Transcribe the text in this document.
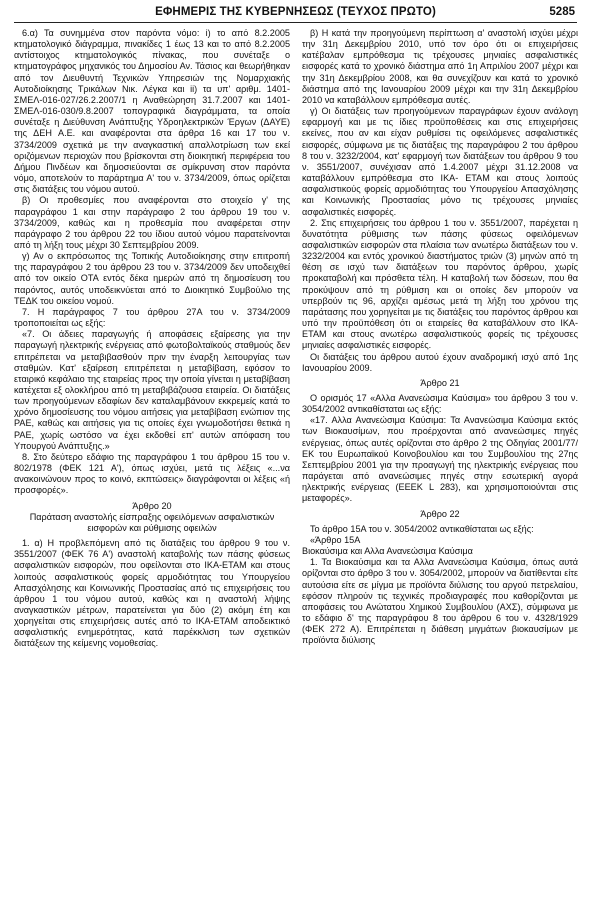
ΕΦΗΜΕΡΙΣ ΤΗΣ ΚΥΒΕΡΝΗΣΕΩΣ (ΤΕΥΧΟΣ ΠΡΩΤΟ)	5285

6.α) Τα συνημμένα στον παρόντα νόμο: i) το από 8.2.2005 κτηματολογικό διάγραμμα, πινακίδες 1 έως 13 και το από 8.2.2005 αντίστοιχος κτηματολογικός πίνακας, που συνέταξε ο κτηματογράφος μηχανικός του Δημοσίου Αν. Τάσιος και θεωρήθηκαν από τον Διευθυντή Τεχνικών Υπηρεσιών της Νομαρχιακής Αυτοδιοίκησης Τρικάλων Νικ. Λέγκα και ii) τα υπ' αριθμ. 1401-ΣΜΕΛ-016-027/26.2.2007/1 η Αναθεώρηση 31.7.2007 και 1401-ΣΜΕΛ-016-030/9.8.2007 τοπογραφικά διαγράμματα, τα οποία συνέταξε η Διεύθυνση Ανάπτυξης Υδροηλεκτρικών Έργων (ΔΑΥΕ) της ΔΕΗ Α.Ε. και αναφέρονται στα άρθρα 16 και 17 του ν. 3734/2009 σχετικά με την αναγκαστική απαλλοτρίωση των εκεί οριζόμενων περιοχών που βρίσκονται στη διοικητική περιφέρεια του Δήμου Πινδέων και δημοσιεύονται σε σμίκρυνση στον παρόντα νόμο, αποτελούν το παράρτημα Α' του ν. 3734/2009, όπως ορίζεται στις διατάξεις του νόμου αυτού.

β) Οι προθεσμίες που αναφέρονται στο στοιχείο γ' της παραγράφου 1 και στην παράγραφο 2 του άρθρου 19 του ν. 3734/2009, καθώς και η προθεσμία που αναφέρεται στην παράγραφο 2 του άρθρου 22 του ίδιου αυτού νόμου παρατείνονται από τη λήξη τους μέχρι 30 Σεπτεμβρίου 2009.

γ) Αν ο εκπρόσωπος της Τοπικής Αυτοδιοίκησης στην επιτροπή της παραγράφου 2 του άρθρου 23 του ν. 3734/2009 δεν υποδειχθεί από τον οικείο ΟΤΑ εντός δέκα ημερών από τη δημοσίευση του παρόντος, αυτός υποδεικνύεται από το Διοικητικό Συμβούλιο της ΤΕΔΚ του οικείου νομού.

7. Η παράγραφος 7 του άρθρου 27Α του ν. 3734/2009 τροποποιείται ως εξής:

«7. Οι άδειες παραγωγής ή αποφάσεις εξαίρεσης για την παραγωγή ηλεκτρικής ενέργειας από φωτοβολταϊκούς σταθμούς δεν επιτρέπεται να μεταβιβασθούν πριν την έναρξη λειτουργίας των σταθμών. Κατ' εξαίρεση επιτρέπεται η μεταβίβαση, εφόσον το εταιρικό κεφάλαιο της εταιρείας προς την οποία γίνεται η μεταβίβαση κατέχεται εξ ολοκλήρου από τη μεταβιβάζουσα εταιρεία. Οι διατάξεις των προηγούμενων εδαφίων δεν καταλαμβάνουν εκκρεμείς κατά το χρόνο δημοσίευσης του νόμου αιτήσεις για μεταβίβαση ενώπιον της ΡΑΕ, καθώς και αιτήσεις για τις οποίες έχει γνωμοδοτήσει θετικά η ΡΑΕ, χωρίς ωστόσο να έχει εκδοθεί επ' αυτών απόφαση του Υπουργού Ανάπτυξης.»

8. Στο δεύτερο εδάφιο της παραγράφου 1 του άρθρου 15 του ν. 802/1978 (ΦΕΚ 121 Α'), όπως ισχύει, μετά τις λέξεις «...να ανακοινώνουν προς το κοινό, εκπτώσεις» διαγράφονται οι λέξεις «ή προσφορές».

Άρθρο 20

Παράταση αναστολής είσπραξης οφειλόμενων ασφαλιστικών εισφορών και ρύθμισης οφειλών

1. α) Η προβλεπόμενη από τις διατάξεις του άρθρου 9 του ν. 3551/2007 (ΦΕΚ 76 Α') αναστολή καταβολής των πάσης φύσεως ασφαλιστικών εισφορών, που οφείλονται στο ΙΚΑ-ΕΤΑΜ και στους λοιπούς ασφαλιστικούς φορείς αρμοδιότητας του Υπουργείου Απασχόλησης και Κοινωνικής Προστασίας από τις επιχειρήσεις του άρθρου 1 του νόμου αυτού, καθώς και η αναστολή λήψης αναγκαστικών μέτρων, παρατείνεται για δύο (2) ακόμη έτη και χορηγείται στις επιχειρήσεις αυτές από το ΙΚΑ-ΕΤΑΜ αποδεικτικό ασφαλιστικής ενημερότητας, κατά παρέκκλιση των σχετικών διατάξεων της κείμενης νομοθεσίας.

β) Η κατά την προηγούμενη περίπτωση α' αναστολή ισχύει μέχρι την 31η Δεκεμβρίου 2010, υπό τον όρο ότι οι επιχειρήσεις κατέβαλαν εμπρόθεσμα τις τρέχουσες μηνιαίες ασφαλιστικές εισφορές κατά το χρονικό διάστημα από 1η Απριλίου 2007 μέχρι και την 31η Δεκεμβρίου 2008, και θα συνεχίζουν και κατά το χρονικό διάστημα από της Ιανουαρίου 2009 μέχρι και την 31η Δεκεμβρίου 2010 να καταβάλλουν εμπρόθεσμα αυτές.

γ) Οι διατάξεις των προηγούμενων παραγράφων έχουν ανάλογη εφαρμογή και με τις ίδιες προϋποθέσεις και στις επιχειρήσεις εκείνες, που αν και είχαν ρυθμίσει τις οφειλόμενες ασφαλιστικές εισφορές, σύμφωνα με τις διατάξεις της παραγράφου 2 του άρθρου 8 του ν. 3232/2004, κατ' εφαρμογή των διατάξεων του άρθρου 9 του ν. 3551/2007, συνέχισαν από 1.4.2007 μέχρι 31.12.2008 να καταβάλλουν εμπρόθεσμα στο ΙΚΑ- ΕΤΑΜ και στους λοιπούς ασφαλιστικούς φορείς αρμοδιότητας του Υπουργείου Απασχόλησης και Κοινωνικής Προστασίας μόνο τις τρέχουσες μηνιαίες ασφαλιστικές εισφορές.

2. Στις επιχειρήσεις του άρθρου 1 του ν. 3551/2007, παρέχεται η δυνατότητα ρύθμισης των πάσης φύσεως οφειλόμενων ασφαλιστικών εισφορών στα πλαίσια των ανωτέρω διατάξεων του ν. 3232/2004 και εντός χρονικού διαστήματος τριών (3) μηνών από τη θέση σε ισχύ των διατάξεων του παρόντος άρθρου, χωρίς προκαταβολή και πρόσθετα τέλη. Η καταβολή των δόσεων, που θα προκύψουν από τη ρύθμιση και οι οποίες δεν μπορούν να υπερβούν τις 96, αρχίζει αμέσως μετά τη λήξη του χρόνου της παράτασης που χορηγείται με τις διατάξεις του παρόντος άρθρου και υπό την προϋπόθεση ότι οι εταιρείες θα καταβάλλουν στο ΙΚΑ- ΕΤΑΜ και στους ανωτέρω ασφαλιστικούς φορείς τις τρέχουσες μηνιαίες ασφαλιστικές εισφορές.

Οι διατάξεις του άρθρου αυτού έχουν αναδρομική ισχύ από 1ης Ιανουαρίου 2009.

Άρθρο 21

Ο ορισμός 17 «Αλλα Ανανεώσιμα Καύσιμα» του άρθρου 3 του ν. 3054/2002 αντικαθίσταται ως εξής:

«17. Αλλα Ανανεώσιμα Καύσιμα: Τα Ανανεώσιμα Καύσιμα εκτός των Βιοκαυσίμων, που προέρχονται από ανανεώσιμες πηγές ενέργειας, όπως αυτές ορίζονται στο άρθρο 2 της Οδηγίας 2001/77/ΕΚ του Ευρωπαϊκού Κοινοβουλίου και του Συμβουλίου της 27ης Σεπτεμβρίου 2001 για την προαγωγή της ηλεκτρικής ενέργειας που παράγεται από ανανεώσιμες πηγές στην εσωτερική αγορά ηλεκτρικής ενέργειας (ΕΕΕΚ L 283), και χρησιμοποιούνται στις μεταφορές».

Άρθρο 22

Το άρθρο 15Α του ν. 3054/2002 αντικαθίσταται ως εξής:

«Άρθρο 15Α

Βιοκαύσιμα και Αλλα Ανανεώσιμα Καύσιμα

1. Τα Βιοκαύσιμα και τα Αλλα Ανανεώσιμα Καύσιμα, όπως αυτά ορίζονται στο άρθρο 3 του ν. 3054/2002, μπορούν να διατίθενται είτε αυτούσια είτε σε μίγμα με προϊόντα διύλισης του αργού πετρελαίου, εφόσον πληρούν τις τεχνικές προδιαγραφές που καθορίζονται με αποφάσεις του Ανώτατου Χημικού Συμβουλίου (ΑΧΣ), σύμφωνα με το εδάφιο δ' της παραγράφου 8 του άρθρου 6 του ν. 4328/1929 (ΦΕΚ 272 Α). Επιτρέπεται η διάθεση μιγμάτων βιοκαυσίμων με προϊόντα διύλισης
